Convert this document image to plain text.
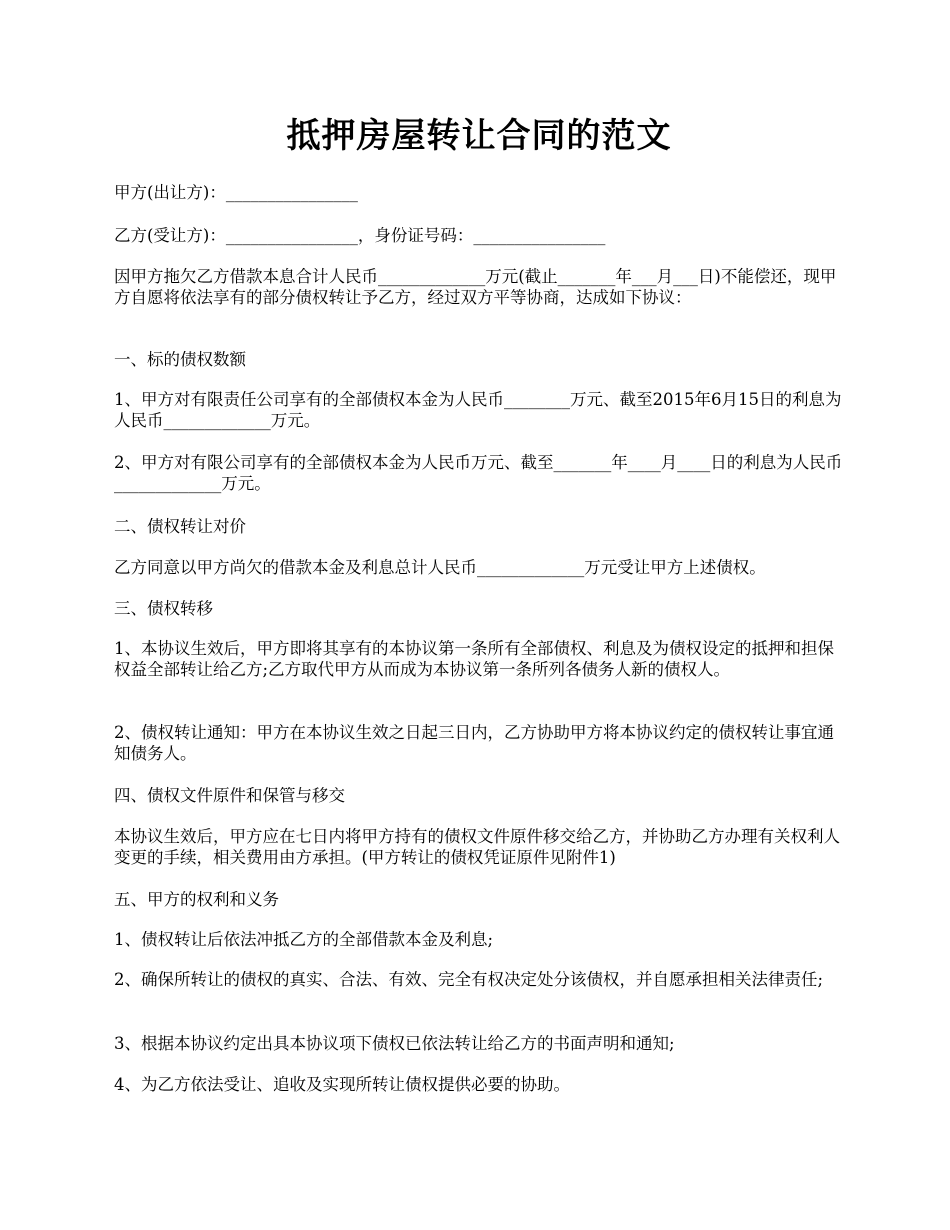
抵押房屋转让合同的范文
甲方(出让方)：________________
乙方(受让方)：________________，身份证号码：________________
因甲方拖欠乙方借款本息合计人民币_____________万元(截止_______年___月___日)不能偿还，现甲方自愿将依法享有的部分债权转让予乙方，经过双方平等协商，达成如下协议：
一、标的债权数额
1、甲方对有限责任公司享有的全部债权本金为人民币________万元、截至2015年6月15日的利息为人民币_____________万元。
2、甲方对有限公司享有的全部债权本金为人民币万元、截至_______年____月____日的利息为人民币_____________万元。
二、债权转让对价
乙方同意以甲方尚欠的借款本金及利息总计人民币_____________万元受让甲方上述债权。
三、债权转移
1、本协议生效后，甲方即将其享有的本协议第一条所有全部债权、利息及为债权设定的抵押和担保权益全部转让给乙方;乙方取代甲方从而成为本协议第一条所列各债务人新的债权人。
2、债权转让通知：甲方在本协议生效之日起三日内，乙方协助甲方将本协议约定的债权转让事宜通知债务人。
四、债权文件原件和保管与移交
本协议生效后，甲方应在七日内将甲方持有的债权文件原件移交给乙方，并协助乙方办理有关权利人变更的手续，相关费用由方承担。(甲方转让的债权凭证原件见附件1)
五、甲方的权利和义务
1、债权转让后依法冲抵乙方的全部借款本金及利息;
2、确保所转让的债权的真实、合法、有效、完全有权决定处分该债权，并自愿承担相关法律责任;
3、根据本协议约定出具本协议项下债权已依法转让给乙方的书面声明和通知;
4、为乙方依法受让、追收及实现所转让债权提供必要的协助。
